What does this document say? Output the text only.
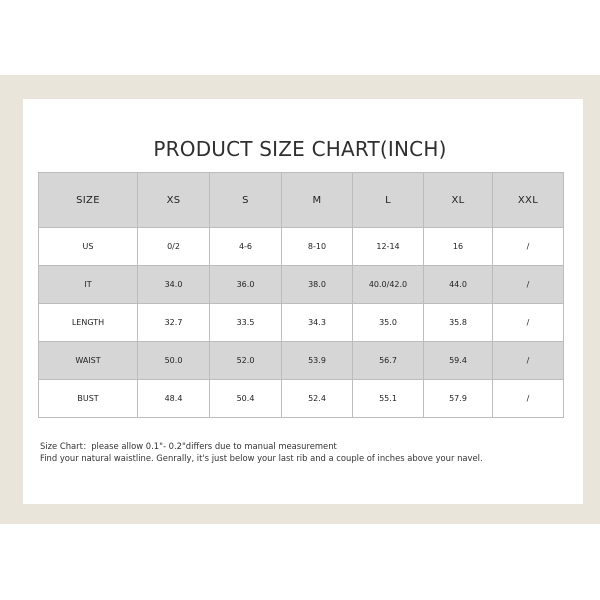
PRODUCT SIZE CHART(INCH)
SIZE	XS	S	M	L	XL	XXL
US	0/2	4-6	8-10	12-14	16	/
IT	34.0	36.0	38.0	40.0/42.0	44.0	/
LENGTH	32.7	33.5	34.3	35.0	35.8	/
WAIST	50.0	52.0	53.9	56.7	59.4	/
BUST	48.4	50.4	52.4	55.1	57.9	/
Size Chart：please allow 0.1"- 0.2"differs due to manual measurement
Find your natural waistline. Genrally, it's just below your last rib and a couple of inches above your navel.
